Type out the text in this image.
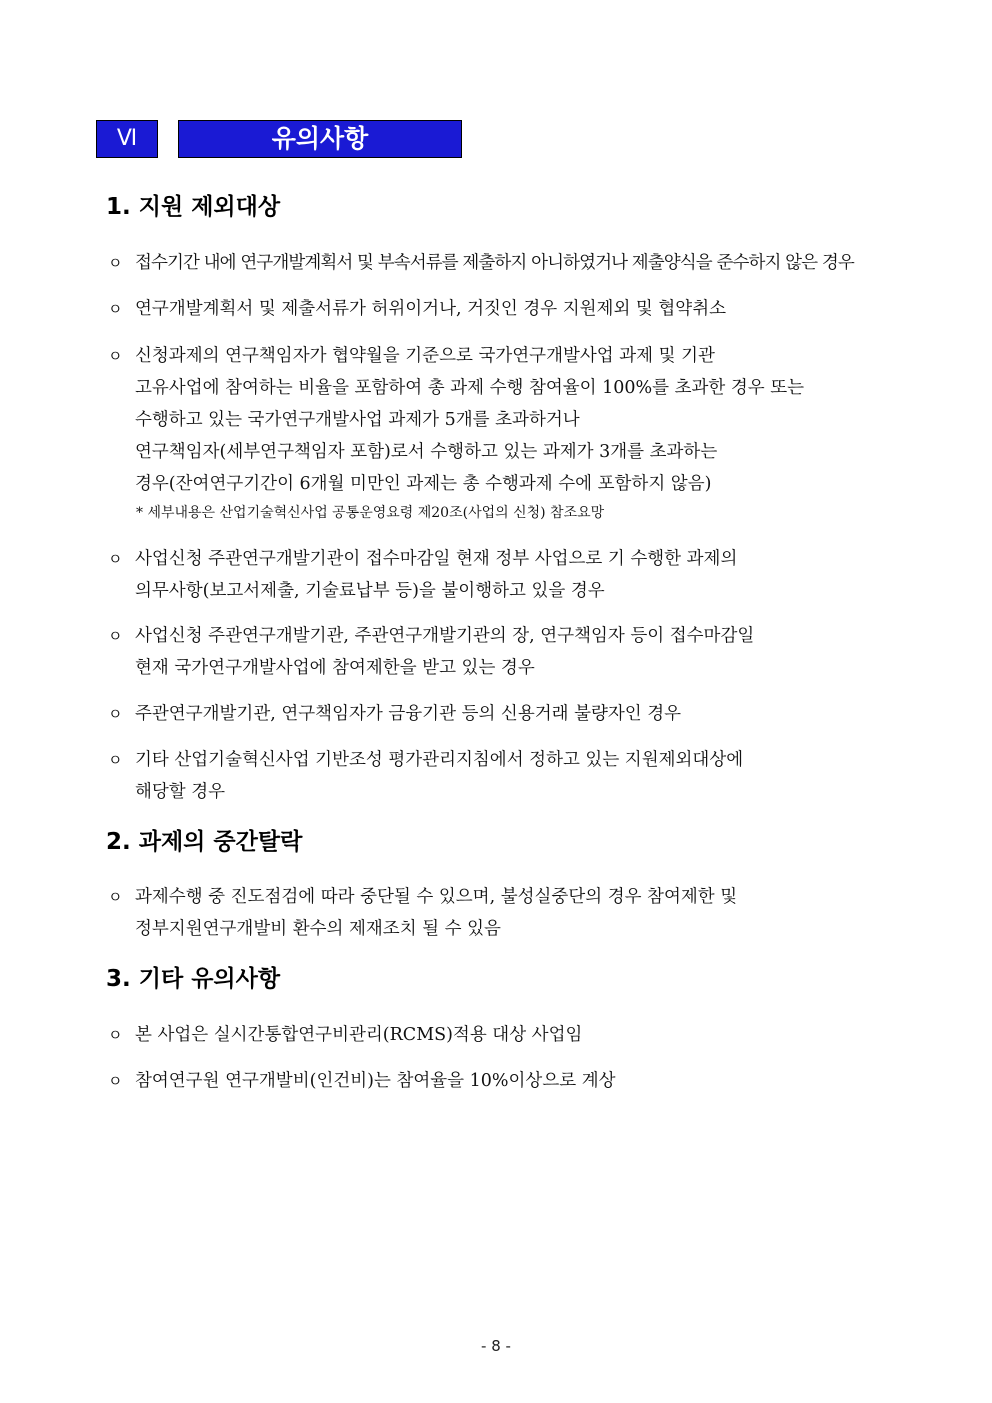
Ⅵ	유의사항
1. 지원 제외대상
ㅇ 접수기간 내에 연구개발계획서 및 부속서류를 제출하지 아니하였거나 제출양식을 준수하지 않은 경우
ㅇ 연구개발계획서 및 제출서류가 허위이거나, 거짓인 경우 지원제외 및 협약취소
ㅇ 신청과제의 연구책임자가 협약월을 기준으로 국가연구개발사업 과제 및 기관
고유사업에 참여하는 비율을 포함하여 총 과제 수행 참여율이 100%를 초과한 경우 또는
수행하고 있는 국가연구개발사업 과제가 5개를 초과하거나
연구책임자(세부연구책임자 포함)로서 수행하고 있는 과제가 3개를 초과하는
경우(잔여연구기간이 6개월 미만인 과제는 총 수행과제 수에 포함하지 않음)
* 세부내용은 산업기술혁신사업 공통운영요령 제20조(사업의 신청) 참조요망
ㅇ 사업신청 주관연구개발기관이 접수마감일 현재 정부 사업으로 기 수행한 과제의
의무사항(보고서제출, 기술료납부 등)을 불이행하고 있을 경우
ㅇ 사업신청 주관연구개발기관, 주관연구개발기관의 장, 연구책임자 등이 접수마감일
현재 국가연구개발사업에 참여제한을 받고 있는 경우
ㅇ 주관연구개발기관, 연구책임자가 금융기관 등의 신용거래 불량자인 경우
ㅇ 기타 산업기술혁신사업 기반조성 평가관리지침에서 정하고 있는 지원제외대상에
해당할 경우
2. 과제의 중간탈락
ㅇ 과제수행 중 진도점검에 따라 중단될 수 있으며, 불성실중단의 경우 참여제한 및
정부지원연구개발비 환수의 제재조치 될 수 있음
3. 기타 유의사항
ㅇ 본 사업은 실시간통합연구비관리(RCMS)적용 대상 사업임
ㅇ 참여연구원 연구개발비(인건비)는 참여율을 10%이상으로 계상
- 8 -
